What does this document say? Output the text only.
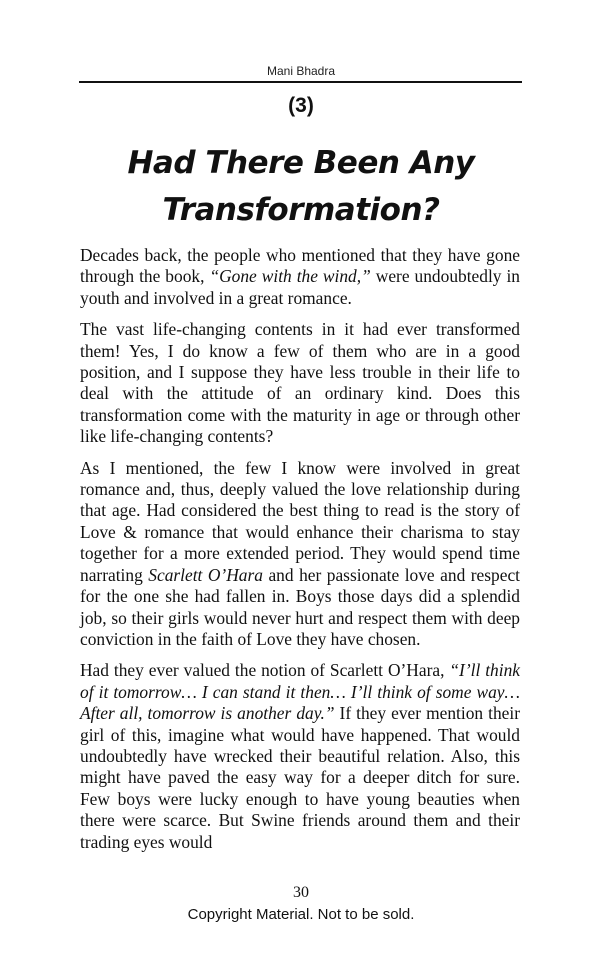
Mani Bhadra
(3)
Had There Been Any
Transformation?

Decades back, the people who mentioned that they have gone through the book, “Gone with the wind,” were undoubtedly in youth and involved in a great romance.

The vast life-changing contents in it had ever transformed them! Yes, I do know a few of them who are in a good position, and I suppose they have less trouble in their life to deal with the attitude of an ordinary kind. Does this transformation come with the maturity in age or through other like life-changing contents?

As I mentioned, the few I know were involved in great romance and, thus, deeply valued the love relationship during that age. Had considered the best thing to read is the story of Love & romance that would enhance their charisma to stay together for a more extended period. They would spend time narrating Scarlett O’Hara and her passionate love and respect for the one she had fallen in. Boys those days did a splendid job, so their girls would never hurt and respect them with deep conviction in the faith of Love they have chosen.

Had they ever valued the notion of Scarlett O’Hara, “I’ll think of it tomorrow… I can stand it then… I’ll think of some way… After all, tomorrow is another day.” If they ever mention their girl of this, imagine what would have happened. That would undoubtedly have wrecked their beautiful relation. Also, this might have paved the easy way for a deeper ditch for sure. Few boys were lucky enough to have young beauties when there were scarce. But Swine friends around them and their trading eyes would

30
Copyright Material. Not to be sold.
